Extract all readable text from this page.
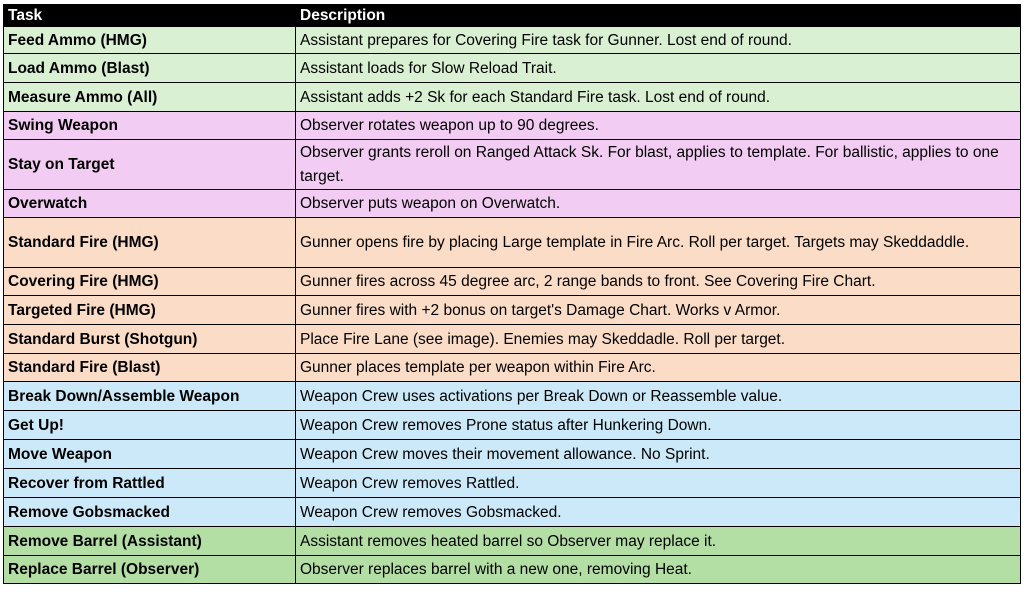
Task	Description
Feed Ammo (HMG)	Assistant prepares for Covering Fire task for Gunner. Lost end of round.
Load Ammo (Blast)	Assistant loads for Slow Reload Trait.
Measure Ammo (All)	Assistant adds +2 Sk for each Standard Fire task. Lost end of round.
Swing Weapon	Observer rotates weapon up to 90 degrees.
Stay on Target	Observer grants reroll on Ranged Attack Sk. For blast, applies to template. For ballistic, applies to one target.
Overwatch	Observer puts weapon on Overwatch.
Standard Fire (HMG)	Gunner opens fire by placing Large template in Fire Arc. Roll per target. Targets may Skeddaddle.
Covering Fire (HMG)	Gunner fires across 45 degree arc, 2 range bands to front. See Covering Fire Chart.
Targeted Fire (HMG)	Gunner fires with +2 bonus on target's Damage Chart. Works v Armor.
Standard Burst (Shotgun)	Place Fire Lane (see image). Enemies may Skeddadle. Roll per target.
Standard Fire (Blast)	Gunner places template per weapon within Fire Arc.
Break Down/Assemble Weapon	Weapon Crew uses activations per Break Down or Reassemble value.
Get Up!	Weapon Crew removes Prone status after Hunkering Down.
Move Weapon	Weapon Crew moves their movement allowance. No Sprint.
Recover from Rattled	Weapon Crew removes Rattled.
Remove Gobsmacked	Weapon Crew removes Gobsmacked.
Remove Barrel (Assistant)	Assistant removes heated barrel so Observer may replace it.
Replace Barrel (Observer)	Observer replaces barrel with a new one, removing Heat.
